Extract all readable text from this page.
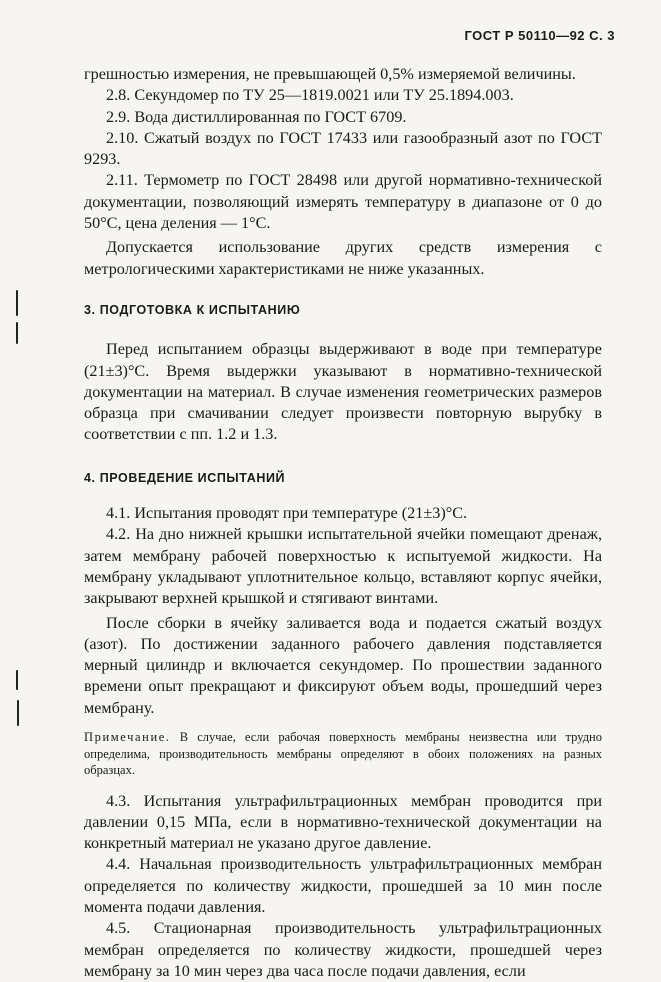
ГОСТ Р 50110—92 С. 3

грешностью измерения, не превышающей 0,5% измеряемой величины.

2.8. Секундомер по ТУ 25—1819.0021 или ТУ 25.1894.003.

2.9. Вода дистиллированная по ГОСТ 6709.

2.10. Сжатый воздух по ГОСТ 17433 или газообразный азот по ГОСТ 9293.

2.11. Термометр по ГОСТ 28498 или другой нормативно-технической документации, позволяющий измерять температуру в диапазоне от 0 до 50°С, цена деления — 1°С.

Допускается использование других средств измерения с метрологическими характеристиками не ниже указанных.

3. ПОДГОТОВКА К ИСПЫТАНИЮ

Перед испытанием образцы выдерживают в воде при температуре (21±3)°С. Время выдержки указывают в нормативно-технической документации на материал. В случае изменения геометрических размеров образца при смачивании следует произвести повторную вырубку в соответствии с пп. 1.2 и 1.3.

4. ПРОВЕДЕНИЕ ИСПЫТАНИЙ

4.1. Испытания проводят при температуре (21±3)°С.

4.2. На дно нижней крышки испытательной ячейки помещают дренаж, затем мембрану рабочей поверхностью к испытуемой жидкости. На мембрану укладывают уплотнительное кольцо, вставляют корпус ячейки, закрывают верхней крышкой и стягивают винтами.

После сборки в ячейку заливается вода и подается сжатый воздух (азот). По достижении заданного рабочего давления подставляется мерный цилиндр и включается секундомер. По прошествии заданного времени опыт прекращают и фиксируют объем воды, прошедший через мембрану.

Примечание. В случае, если рабочая поверхность мембраны неизвестна или трудно определима, производительность мембраны определяют в обоих положениях на разных образцах.

4.3. Испытания ультрафильтрационных мембран проводится при давлении 0,15 МПа, если в нормативно-технической документации на конкретный материал не указано другое давление.

4.4. Начальная производительность ультрафильтрационных мембран определяется по количеству жидкости, прошедшей за 10 мин после момента подачи давления.

4.5. Стационарная производительность ультрафильтрационных мембран определяется по количеству жидкости, прошедшей через мембрану за 10 мин через два часа после подачи давления, если
